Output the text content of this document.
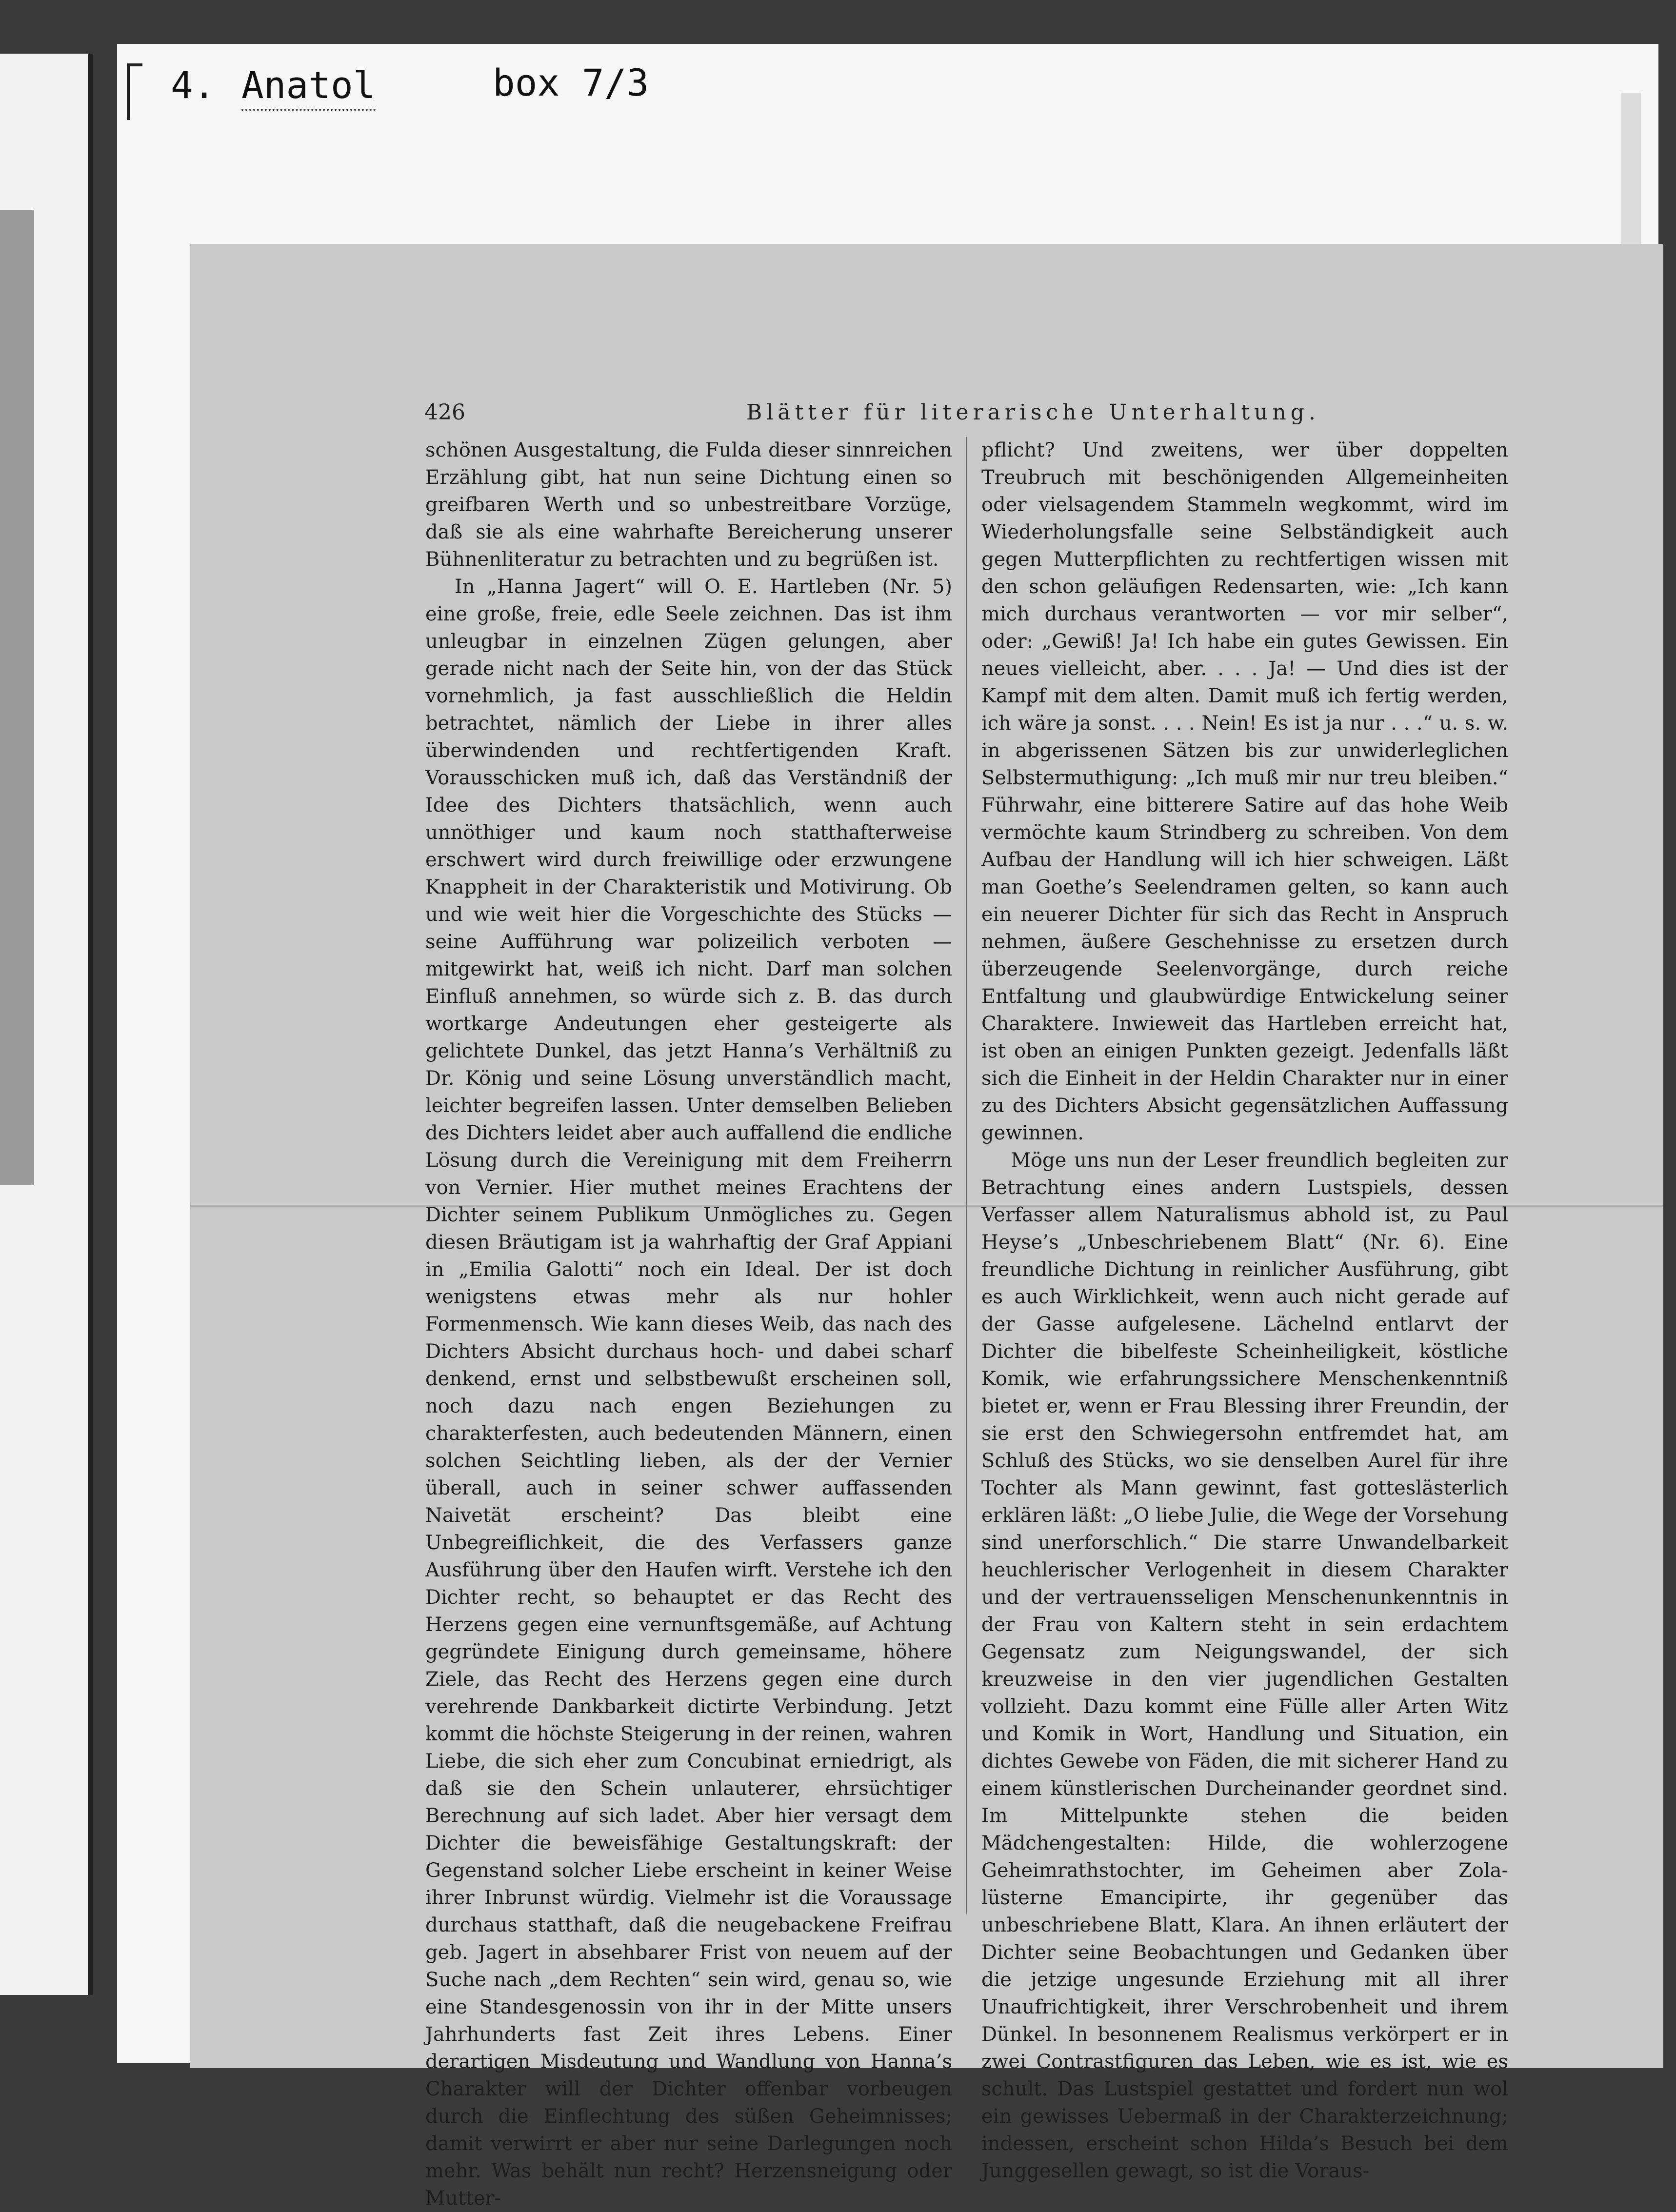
4. Anatol	box 7/3
426	Blätter für literarische Unterhaltung.

schönen Ausgestaltung, die Fulda dieser sinnreichen Erzählung gibt, hat nun seine Dichtung einen so greifbaren Werth und so unbestreitbare Vorzüge, daß sie als eine wahrhafte Bereicherung unserer Bühnenliteratur zu betrachten und zu begrüßen ist.

In „Hanna Jagert“ will O. E. Hartleben (Nr. 5) eine große, freie, edle Seele zeichnen. Das ist ihm unleugbar in einzelnen Zügen gelungen, aber gerade nicht nach der Seite hin, von der das Stück vornehmlich, ja fast ausschließlich die Heldin betrachtet, nämlich der Liebe in ihrer alles überwindenden und rechtfertigenden Kraft. Vorausschicken muß ich, daß das Verständniß der Idee des Dichters thatsächlich, wenn auch unnöthiger und kaum noch statthafterweise erschwert wird durch freiwillige oder erzwungene Knappheit in der Charakteristik und Motivirung. Ob und wie weit hier die Vorgeschichte des Stücks — seine Aufführung war polizeilich verboten — mitgewirkt hat, weiß ich nicht. Darf man solchen Einfluß annehmen, so würde sich z. B. das durch wortkarge Andeutungen eher gesteigerte als gelichtete Dunkel, das jetzt Hanna’s Verhältniß zu Dr. König und seine Lösung unverständlich macht, leichter begreifen lassen. Unter demselben Belieben des Dichters leidet aber auch auffallend die endliche Lösung durch die Vereinigung mit dem Freiherrn von Vernier. Hier muthet meines Erachtens der Dichter seinem Publikum Unmögliches zu. Gegen diesen Bräutigam ist ja wahrhaftig der Graf Appiani in „Emilia Galotti“ noch ein Ideal. Der ist doch wenigstens etwas mehr als nur hohler Formenmensch. Wie kann dieses Weib, das nach des Dichters Absicht durchaus hoch- und dabei scharf denkend, ernst und selbstbewußt erscheinen soll, noch dazu nach engen Beziehungen zu charakterfesten, auch bedeutenden Männern, einen solchen Seichtling lieben, als der der Vernier überall, auch in seiner schwer auffassenden Naivetät erscheint? Das bleibt eine Unbegreiflichkeit, die des Verfassers ganze Ausführung über den Haufen wirft. Verstehe ich den Dichter recht, so behauptet er das Recht des Herzens gegen eine vernunftsgemäße, auf Achtung gegründete Einigung durch gemeinsame, höhere Ziele, das Recht des Herzens gegen eine durch verehrende Dankbarkeit dictirte Verbindung. Jetzt kommt die höchste Steigerung in der reinen, wahren Liebe, die sich eher zum Concubinat erniedrigt, als daß sie den Schein unlauterer, ehrsüchtiger Berechnung auf sich ladet. Aber hier versagt dem Dichter die beweisfähige Gestaltungskraft: der Gegenstand solcher Liebe erscheint in keiner Weise ihrer Inbrunst würdig. Vielmehr ist die Voraussage durchaus statthaft, daß die neugebackene Freifrau geb. Jagert in absehbarer Frist von neuem auf der Suche nach „dem Rechten“ sein wird, genau so, wie eine Standesgenossin von ihr in der Mitte unsers Jahrhunderts fast Zeit ihres Lebens. Einer derartigen Misdeutung und Wandlung von Hanna’s Charakter will der Dichter offenbar vorbeugen durch die Einflechtung des süßen Geheimnisses; damit verwirrt er aber nur seine Darlegungen noch mehr. Was behält nun recht? Herzensneigung oder Mutter-

pflicht? Und zweitens, wer über doppelten Treubruch mit beschönigenden Allgemeinheiten oder vielsagendem Stammeln wegkommt, wird im Wiederholungsfalle seine Selbständigkeit auch gegen Mutterpflichten zu rechtfertigen wissen mit den schon geläufigen Redensarten, wie: „Ich kann mich durchaus verantworten — vor mir selber“, oder: „Gewiß! Ja! Ich habe ein gutes Gewissen. Ein neues vielleicht, aber. . . . Ja! — Und dies ist der Kampf mit dem alten. Damit muß ich fertig werden, ich wäre ja sonst. . . . Nein! Es ist ja nur . . .“ u. s. w. in abgerissenen Sätzen bis zur unwiderleglichen Selbstermuthigung: „Ich muß mir nur treu bleiben.“ Führwahr, eine bitterere Satire auf das hohe Weib vermöchte kaum Strindberg zu schreiben. Von dem Aufbau der Handlung will ich hier schweigen. Läßt man Goethe’s Seelendramen gelten, so kann auch ein neuerer Dichter für sich das Recht in Anspruch nehmen, äußere Geschehnisse zu ersetzen durch überzeugende Seelenvorgänge, durch reiche Entfaltung und glaubwürdige Entwickelung seiner Charaktere. Inwieweit das Hartleben erreicht hat, ist oben an einigen Punkten gezeigt. Jedenfalls läßt sich die Einheit in der Heldin Charakter nur in einer zu des Dichters Absicht gegensätzlichen Auffassung gewinnen.

Möge uns nun der Leser freundlich begleiten zur Betrachtung eines andern Lustspiels, dessen Verfasser allem Naturalismus abhold ist, zu Paul Heyse’s „Unbeschriebenem Blatt“ (Nr. 6). Eine freundliche Dichtung in reinlicher Ausführung, gibt es auch Wirklichkeit, wenn auch nicht gerade auf der Gasse aufgelesene. Lächelnd entlarvt der Dichter die bibelfeste Scheinheiligkeit, köstliche Komik, wie erfahrungssichere Menschenkenntniß bietet er, wenn er Frau Blessing ihrer Freundin, der sie erst den Schwiegersohn entfremdet hat, am Schluß des Stücks, wo sie denselben Aurel für ihre Tochter als Mann gewinnt, fast gotteslästerlich erklären läßt: „O liebe Julie, die Wege der Vorsehung sind unerforschlich.“ Die starre Unwandelbarkeit heuchlerischer Verlogenheit in diesem Charakter und der vertrauensseligen Menschenunkenntnis in der Frau von Kaltern steht in sein erdachtem Gegensatz zum Neigungswandel, der sich kreuzweise in den vier jugendlichen Gestalten vollzieht. Dazu kommt eine Fülle aller Arten Witz und Komik in Wort, Handlung und Situation, ein dichtes Gewebe von Fäden, die mit sicherer Hand zu einem künstlerischen Durcheinander geordnet sind. Im Mittelpunkte stehen die beiden Mädchengestalten: Hilde, die wohlerzogene Geheimrathstochter, im Geheimen aber Zola-lüsterne Emancipirte, ihr gegenüber das unbeschriebene Blatt, Klara. An ihnen erläutert der Dichter seine Beobachtungen und Gedanken über die jetzige ungesunde Erziehung mit all ihrer Unaufrichtigkeit, ihrer Verschrobenheit und ihrem Dünkel. In besonnenem Realismus verkörpert er in zwei Contrastfiguren das Leben, wie es ist, wie es schult. Das Lustspiel gestattet und fordert nun wol ein gewisses Uebermaß in der Charakterzeichnung; indessen, erscheint schon Hilda’s Besuch bei dem Junggesellen gewagt, so ist die Voraus-
